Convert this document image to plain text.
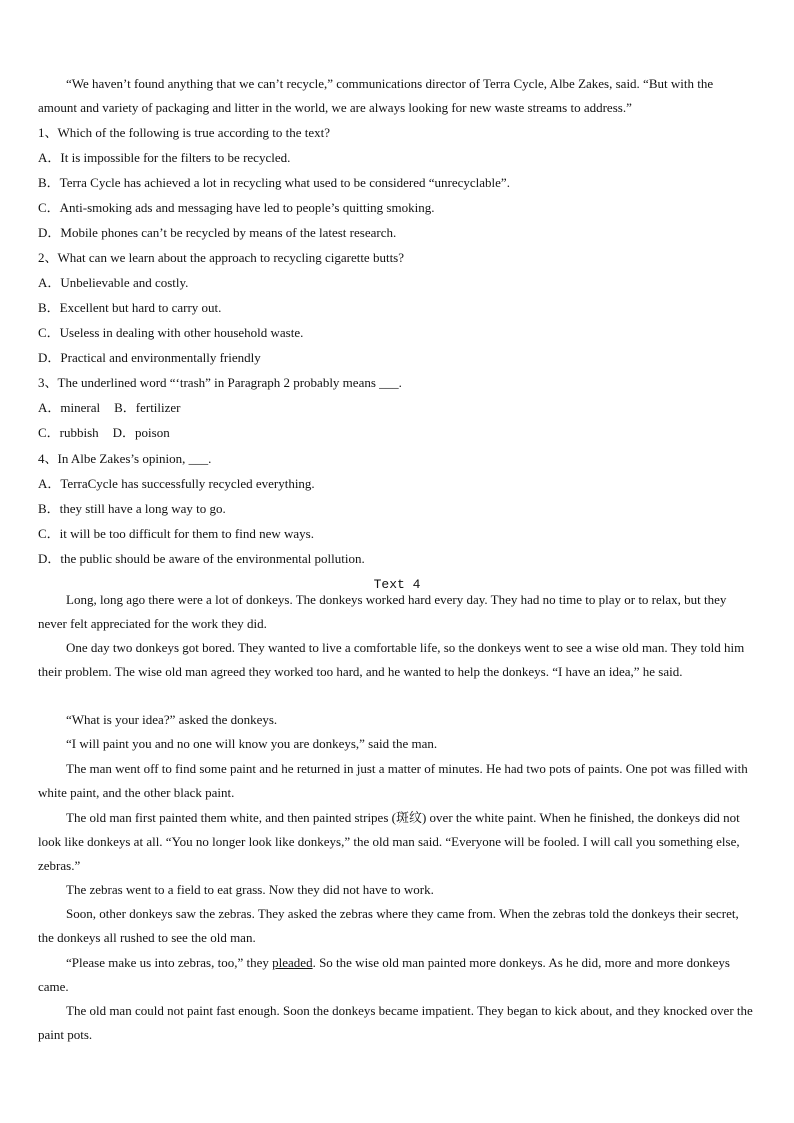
“We haven’t found anything that we can’t recycle,” communications director of Terra Cycle, Albe Zakes, said. “But with the amount and variety of packaging and litter in the world, we are always looking for new waste streams to address.”

1、Which of the following is true according to the text?
A．It is impossible for the filters to be recycled.
B．Terra Cycle has achieved a lot in recycling what used to be considered “unrecyclable”.
C．Anti-smoking ads and messaging have led to people’s quitting smoking.
D．Mobile phones can’t be recycled by means of the latest research.
2、What can we learn about the approach to recycling cigarette butts?
A．Unbelievable and costly.
B．Excellent but hard to carry out.
C．Useless in dealing with other household waste.
D．Practical and environmentally friendly
3、The underlined word “‘trash” in Paragraph 2 probably means ___.
A．mineral B．fertilizer
C．rubbish D．poison
4、In Albe Zakes’s opinion, ___.
A．TerraCycle has successfully recycled everything.
B．they still have a long way to go.
C．it will be too difficult for them to find new ways.
D．the public should be aware of the environmental pollution.
Text 4

Long, long ago there were a lot of donkeys. The donkeys worked hard every day. They had no time to play or to relax, but they never felt appreciated for the work they did.

One day two donkeys got bored. They wanted to live a comfortable life, so the donkeys went to see a wise old man. They told him their problem. The wise old man agreed they worked too hard, and he wanted to help the donkeys. “I have an idea,” he said.

“What is your idea?” asked the donkeys.

“I will paint you and no one will know you are donkeys,” said the man.

The man went off to find some paint and he returned in just a matter of minutes. He had two pots of paints. One pot was filled with white paint, and the other black paint.

The old man first painted them white, and then painted stripes (斑纹) over the white paint. When he finished, the donkeys did not look like donkeys at all. “You no longer look like donkeys,” the old man said. “Everyone will be fooled. I will call you something else, zebras.”

The zebras went to a field to eat grass. Now they did not have to work.

Soon, other donkeys saw the zebras. They asked the zebras where they came from. When the zebras told the donkeys their secret, the donkeys all rushed to see the old man.

“Please make us into zebras, too,” they pleaded. So the wise old man painted more donkeys. As he did, more and more donkeys came.

The old man could not paint fast enough. Soon the donkeys became impatient. They began to kick about, and they knocked over the paint pots.
